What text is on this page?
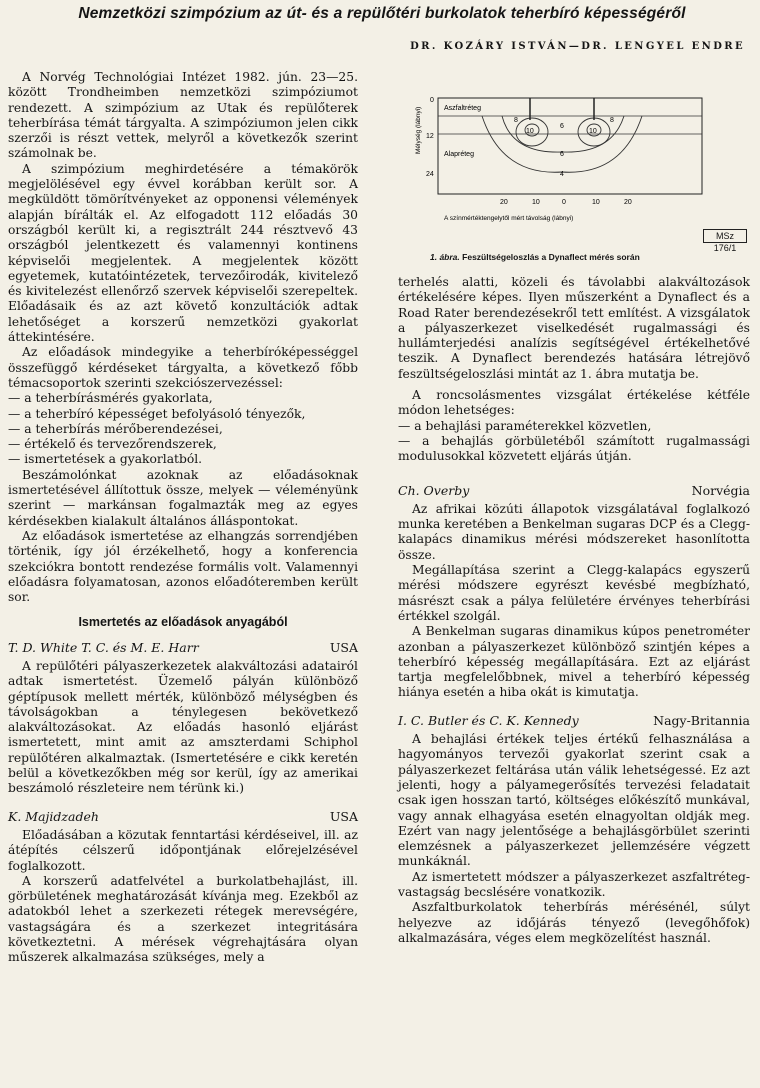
Nemzetközi szimpózium az út- és a repülőtéri burkolatok teherbíró képességéről
DR. KOZÁRY ISTVÁN—DR. LENGYEL ENDRE
Aszfaltréteg
Alapréteg
0
12
24
Mélység (lábnyi)
20	10	0	10	20
A színmértéktengelytől mért távolság (lábnyi)
8
10
6
10
8
6
4
MSz 176/1
1. ábra. Feszültségeloszlás a Dynaflect mérés során

A Norvég Technológiai Intézet 1982. jún. 23—25. között Trondheimben nemzetközi szimpóziumot rendezett. A szimpózium az Utak és repülőterek teherbírása témát tárgyalta. A szimpóziumon jelen cikk szerzői is részt vettek, melyről a következők szerint számolnak be.

A szimpózium meghirdetésére a témakörök megjelölésével egy évvel korábban került sor. A megküldött tömörítvényeket az opponensi vélemények alapján bírálták el. Az elfogadott 112 előadás 30 országból került ki, a regisztrált 244 résztvevő 43 országból jelentkezett és valamennyi kontinens képviselői megjelentek. A megjelentek között egyetemek, kutatóintézetek, tervezőirodák, kivitelező és kivitelezést ellenőrző szervek képviselői szerepeltek. Előadásaik és az azt követő konzultációk adtak lehetőséget a korszerű nemzetközi gyakorlat áttekintésére.

Az előadások mindegyike a teherbíróképességgel összefüggő kérdéseket tárgyalta, a következő főbb témacsoportok szerinti szekciószervezéssel:

— a teherbírásmérés gyakorlata,

— a teherbíró képességet befolyásoló tényezők,

— a teherbírás mérőberendezései,

— értékelő és tervezőrendszerek,

— ismertetések a gyakorlatból.

Beszámolónkat azoknak az előadásoknak ismertetésével állítottuk össze, melyek — véleményünk szerint — markánsan fogalmazták meg az egyes kérdésekben kialakult általános álláspontokat.

Az előadások ismertetése az elhangzás sorrendjében történik, így jól érzékelhető, hogy a konferencia szekciókra bontott rendezése formális volt. Valamennyi előadásra folyamatosan, azonos előadóteremben került sor.

Ismertetés az előadások anyagából
T. D. White T. C. és M. E. Harr	USA

A repülőtéri pályaszerkezetek alakváltozási adatairól adtak ismertetést. Üzemelő pályán különböző géptípusok mellett mérték, különböző mélységben és távolságokban a ténylegesen bekövetkező alakváltozásokat. Az előadás hasonló eljárást ismertetett, mint amit az amszterdami Schiphol repülőtéren alkalmaztak. (Ismertetésére e cikk keretén belül a következőkben még sor kerül, így az amerikai beszámoló részleteire nem térünk ki.)

K. Majidzadeh	USA

Előadásában a közutak fenntartási kérdéseivel, ill. az átépítés célszerű időpontjának előrejelzésével foglalkozott.

A korszerű adatfelvétel a burkolatbehajlást, ill. görbületének meghatározását kívánja meg. Ezekből az adatokból lehet a szerkezeti rétegek merevségére, vastagságára és a szerkezet integritására következtetni. A mérések végrehajtására olyan műszerek alkalmazása szükséges, mely a

terhelés alatti, közeli és távolabbi alakváltozások értékelésére képes. Ilyen műszerként a Dynaflect és a Road Rater berendezésekről tett említést. A vizsgálatok a pályaszerkezet viselkedését rugalmassági és hullámterjedési analízis segítségével értékelhetővé teszik. A Dynaflect berendezés hatására létrejövő feszültségeloszlási mintát az 1. ábra mutatja be.

A roncsolásmentes vizsgálat értékelése kétféle módon lehetséges:

— a behajlási paraméterekkel közvetlen,

— a behajlás görbületéből számított rugalmassági modulusokkal közvetett eljárás útján.

Ch. Overby	Norvégia

Az afrikai közúti állapotok vizsgálatával foglalkozó munka keretében a Benkelman sugaras DCP és a Clegg-kalapács dinamikus mérési módszereket hasonlította össze.

Megállapítása szerint a Clegg-kalapács egyszerű mérési módszere egyrészt kevésbé megbízható, másrészt csak a pálya felületére érvényes teherbírási értékkel szolgál.

A Benkelman sugaras dinamikus kúpos penetrométer azonban a pályaszerkezet különböző szintjén képes a teherbíró képesség megállapítására. Ezt az eljárást tartja megfelelőbbnek, mivel a teherbíró képesség hiánya esetén a hiba okát is kimutatja.

I. C. Butler és C. K. Kennedy	Nagy-Britannia

A behajlási értékek teljes értékű felhasználása a hagyományos tervezői gyakorlat szerint csak a pályaszerkezet feltárása után válik lehetségessé. Ez azt jelenti, hogy a pályamegerősítés tervezési feladatait csak igen hosszan tartó, költséges előkészítő munkával, vagy annak elhagyása esetén elnagyoltan oldják meg. Ezért van nagy jelentősége a behajlásgörbület szerinti elemzésnek a pályaszerkezet jellemzésére végzett munkáknál.

Az ismertetett módszer a pályaszerkezet aszfaltréteg-vastagság becslésére vonatkozik.

Aszfaltburkolatok teherbírás mérésénél, súlyt helyezve az időjárás tényező (levegőhőfok) alkalmazására, véges elem megközelítést használ.
